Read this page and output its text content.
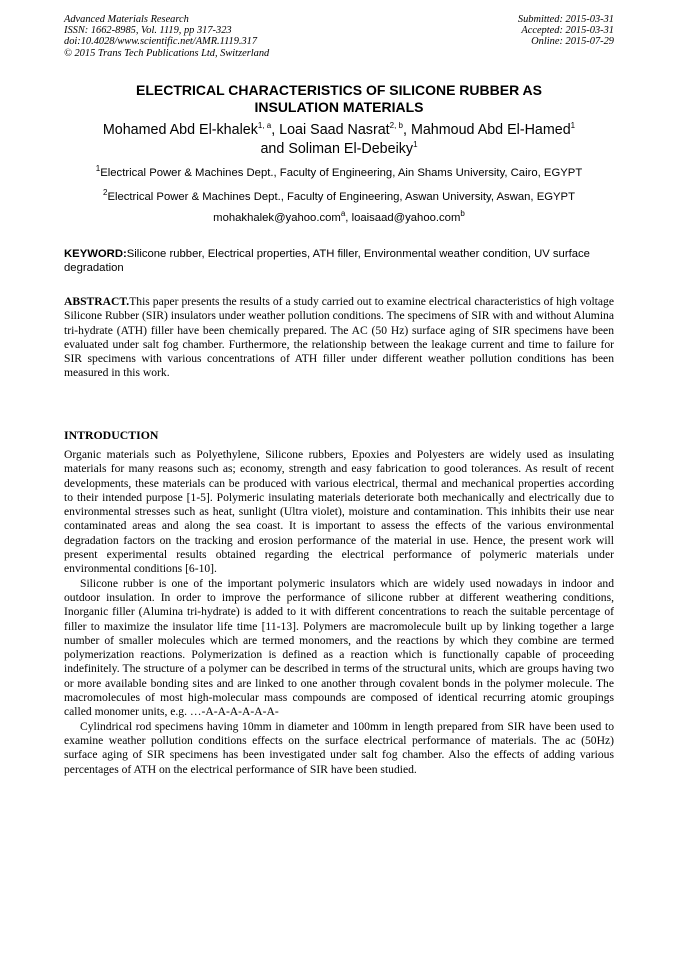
Advanced Materials Research
ISSN: 1662-8985, Vol. 1119, pp 317-323
doi:10.4028/www.scientific.net/AMR.1119.317
© 2015 Trans Tech Publications Ltd, Switzerland
Submitted: 2015-03-31
Accepted: 2015-03-31
Online: 2015-07-29
ELECTRICAL CHARACTERISTICS OF SILICONE RUBBER AS
INSULATION MATERIALS
Mohamed Abd El-khalek$^{1, a}$, Loai Saad Nasrat$^{2, b}$, Mahmoud Abd El-Hamed$^1$
and Soliman El-Debeiky$^1$
$^1$Electrical Power & Machines Dept., Faculty of Engineering, Ain Shams University, Cairo, EGYPT
$^2$Electrical Power & Machines Dept., Faculty of Engineering, Aswan University, Aswan, EGYPT
mohakhalek@yahoo.com$^a$, loaisaad@yahoo.com$^b$
KEYWORD:Silicone rubber, Electrical properties, ATH filler, Environmental weather condition, UV surface degradation
ABSTRACT.This paper presents the results of a study carried out to examine electrical characteristics of high voltage Silicone Rubber (SIR) insulators under weather pollution conditions. The specimens of SIR with and without Alumina tri-hydrate (ATH) filler have been chemically prepared. The AC (50 Hz) surface aging of SIR specimens have been evaluated under salt fog chamber. Furthermore, the relationship between the leakage current and time to failure for SIR specimens with various concentrations of ATH filler under different weather pollution conditions has been measured in this work.
INTRODUCTION

Organic materials such as Polyethylene, Silicone rubbers, Epoxies and Polyesters are widely used as insulating materials for many reasons such as; economy, strength and easy fabrication to good tolerances. As result of recent developments, these materials can be produced with various electrical, thermal and mechanical properties according to their intended purpose [1-5]. Polymeric insulating materials deteriorate both mechanically and electrically due to environmental stresses such as heat, sunlight (Ultra violet), moisture and contamination. This inhibits their use near contaminated areas and along the sea coast. It is important to assess the effects of the various environmental degradation factors on the tracking and erosion performance of the material in use. Hence, the present work will present experimental results obtained regarding the electrical performance of polymeric materials under environmental conditions [6-10].

Silicone rubber is one of the important polymeric insulators which are widely used nowadays in indoor and outdoor insulation. In order to improve the performance of silicone rubber at different weathering conditions, Inorganic filler (Alumina tri-hydrate) is added to it with different concentrations to reach the suitable percentage of filler to maximize the insulator life time [11-13]. Polymers are macromolecule built up by linking together a large number of smaller molecules which are termed monomers, and the reactions by which they combine are termed polymerization reactions. Polymerization is defined as a reaction which is functionally capable of proceeding indefinitely. The structure of a polymer can be described in terms of the structural units, which are groups having two or more available bonding sites and are linked to one another through covalent bonds in the polymer molecule. The macromolecules of most high-molecular mass compounds are composed of identical recurring atomic groupings called monomer units, e.g. …-A-A-A-A-A-A-

Cylindrical rod specimens having 10mm in diameter and 100mm in length prepared from SIR have been used to examine weather pollution conditions effects on the surface electrical performance of materials. The ac (50Hz) surface aging of SIR specimens has been investigated under salt fog chamber. Also the effects of adding various percentages of ATH on the electrical performance of SIR have been studied.
